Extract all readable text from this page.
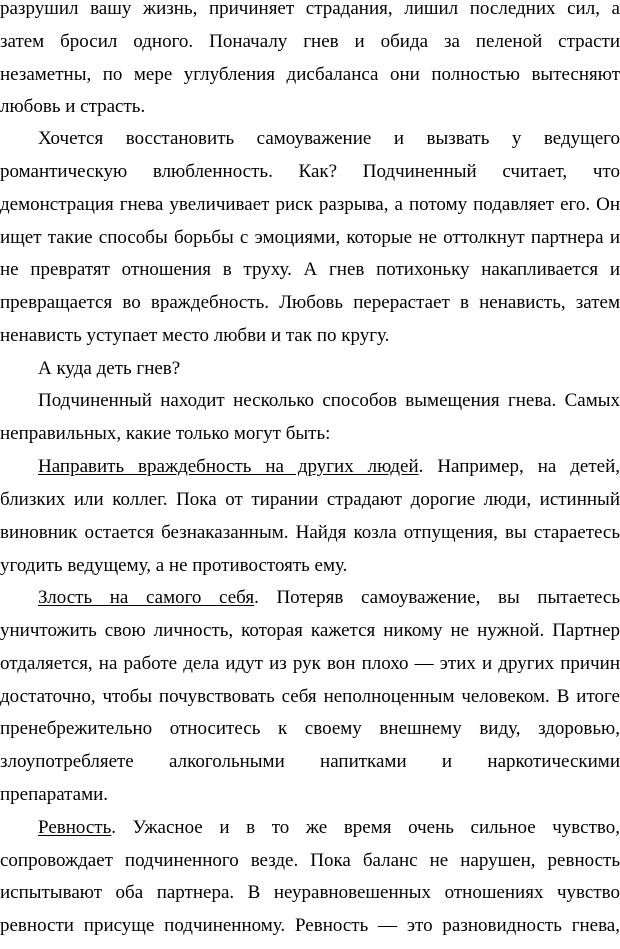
разрушил вашу жизнь, причиняет страдания, лишил последних сил, а
затем бросил одного. Поначалу гнев и обида за пеленой страсти
незаметны, по мере углубления дисбаланса они полностью вытесняют
любовь и страсть.
Хочется восстановить самоуважение и вызвать у ведущего
романтическую влюбленность. Как? Подчиненный считает, что
демонстрация гнева увеличивает риск разрыва, а потому подавляет его. Он
ищет такие способы борьбы с эмоциями, которые не оттолкнут партнера и
не превратят отношения в труху. А гнев потихоньку накапливается и
превращается во враждебность. Любовь перерастает в ненависть, затем
ненависть уступает место любви и так по кругу.
А куда деть гнев?
Подчиненный находит несколько способов вымещения гнева. Самых
неправильных, какие только могут быть:
Направить враждебность на других людей. Например, на детей,
близких или коллег. Пока от тирании страдают дорогие люди, истинный
виновник остается безнаказанным. Найдя козла отпущения, вы стараетесь
угодить ведущему, а не противостоять ему.
Злость на самого себя. Потеряв самоуважение, вы пытаетесь
уничтожить свою личность, которая кажется никому не нужной. Партнер
отдаляется, на работе дела идут из рук вон плохо — этих и других причин
достаточно, чтобы почувствовать себя неполноценным человеком. В итоге
пренебрежительно относитесь к своему внешнему виду, здоровью,
злоупотребляете алкогольными напитками и наркотическими
препаратами.
Ревность. Ужасное и в то же время очень сильное чувство,
сопровождает подчиненного везде. Пока баланс не нарушен, ревность
испытывают оба партнера. В неуравновешенных отношениях чувство
ревности присуще подчиненному. Ревность — это разновидность гнева,
